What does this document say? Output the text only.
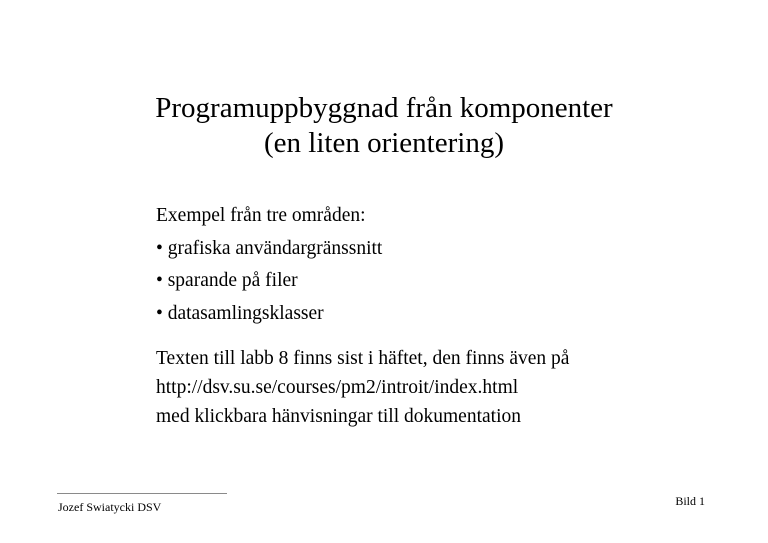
Programuppbyggnad från komponenter
(en liten orientering)
Exempel från tre områden:
• grafiska användargränssnitt
• sparande på filer
• datasamlingsklasser
Texten till labb 8 finns sist i häftet, den finns även på
http://dsv.su.se/courses/pm2/introit/index.html
med klickbara hänvisningar till dokumentation
Jozef Swiatycki DSV	Bild 1
